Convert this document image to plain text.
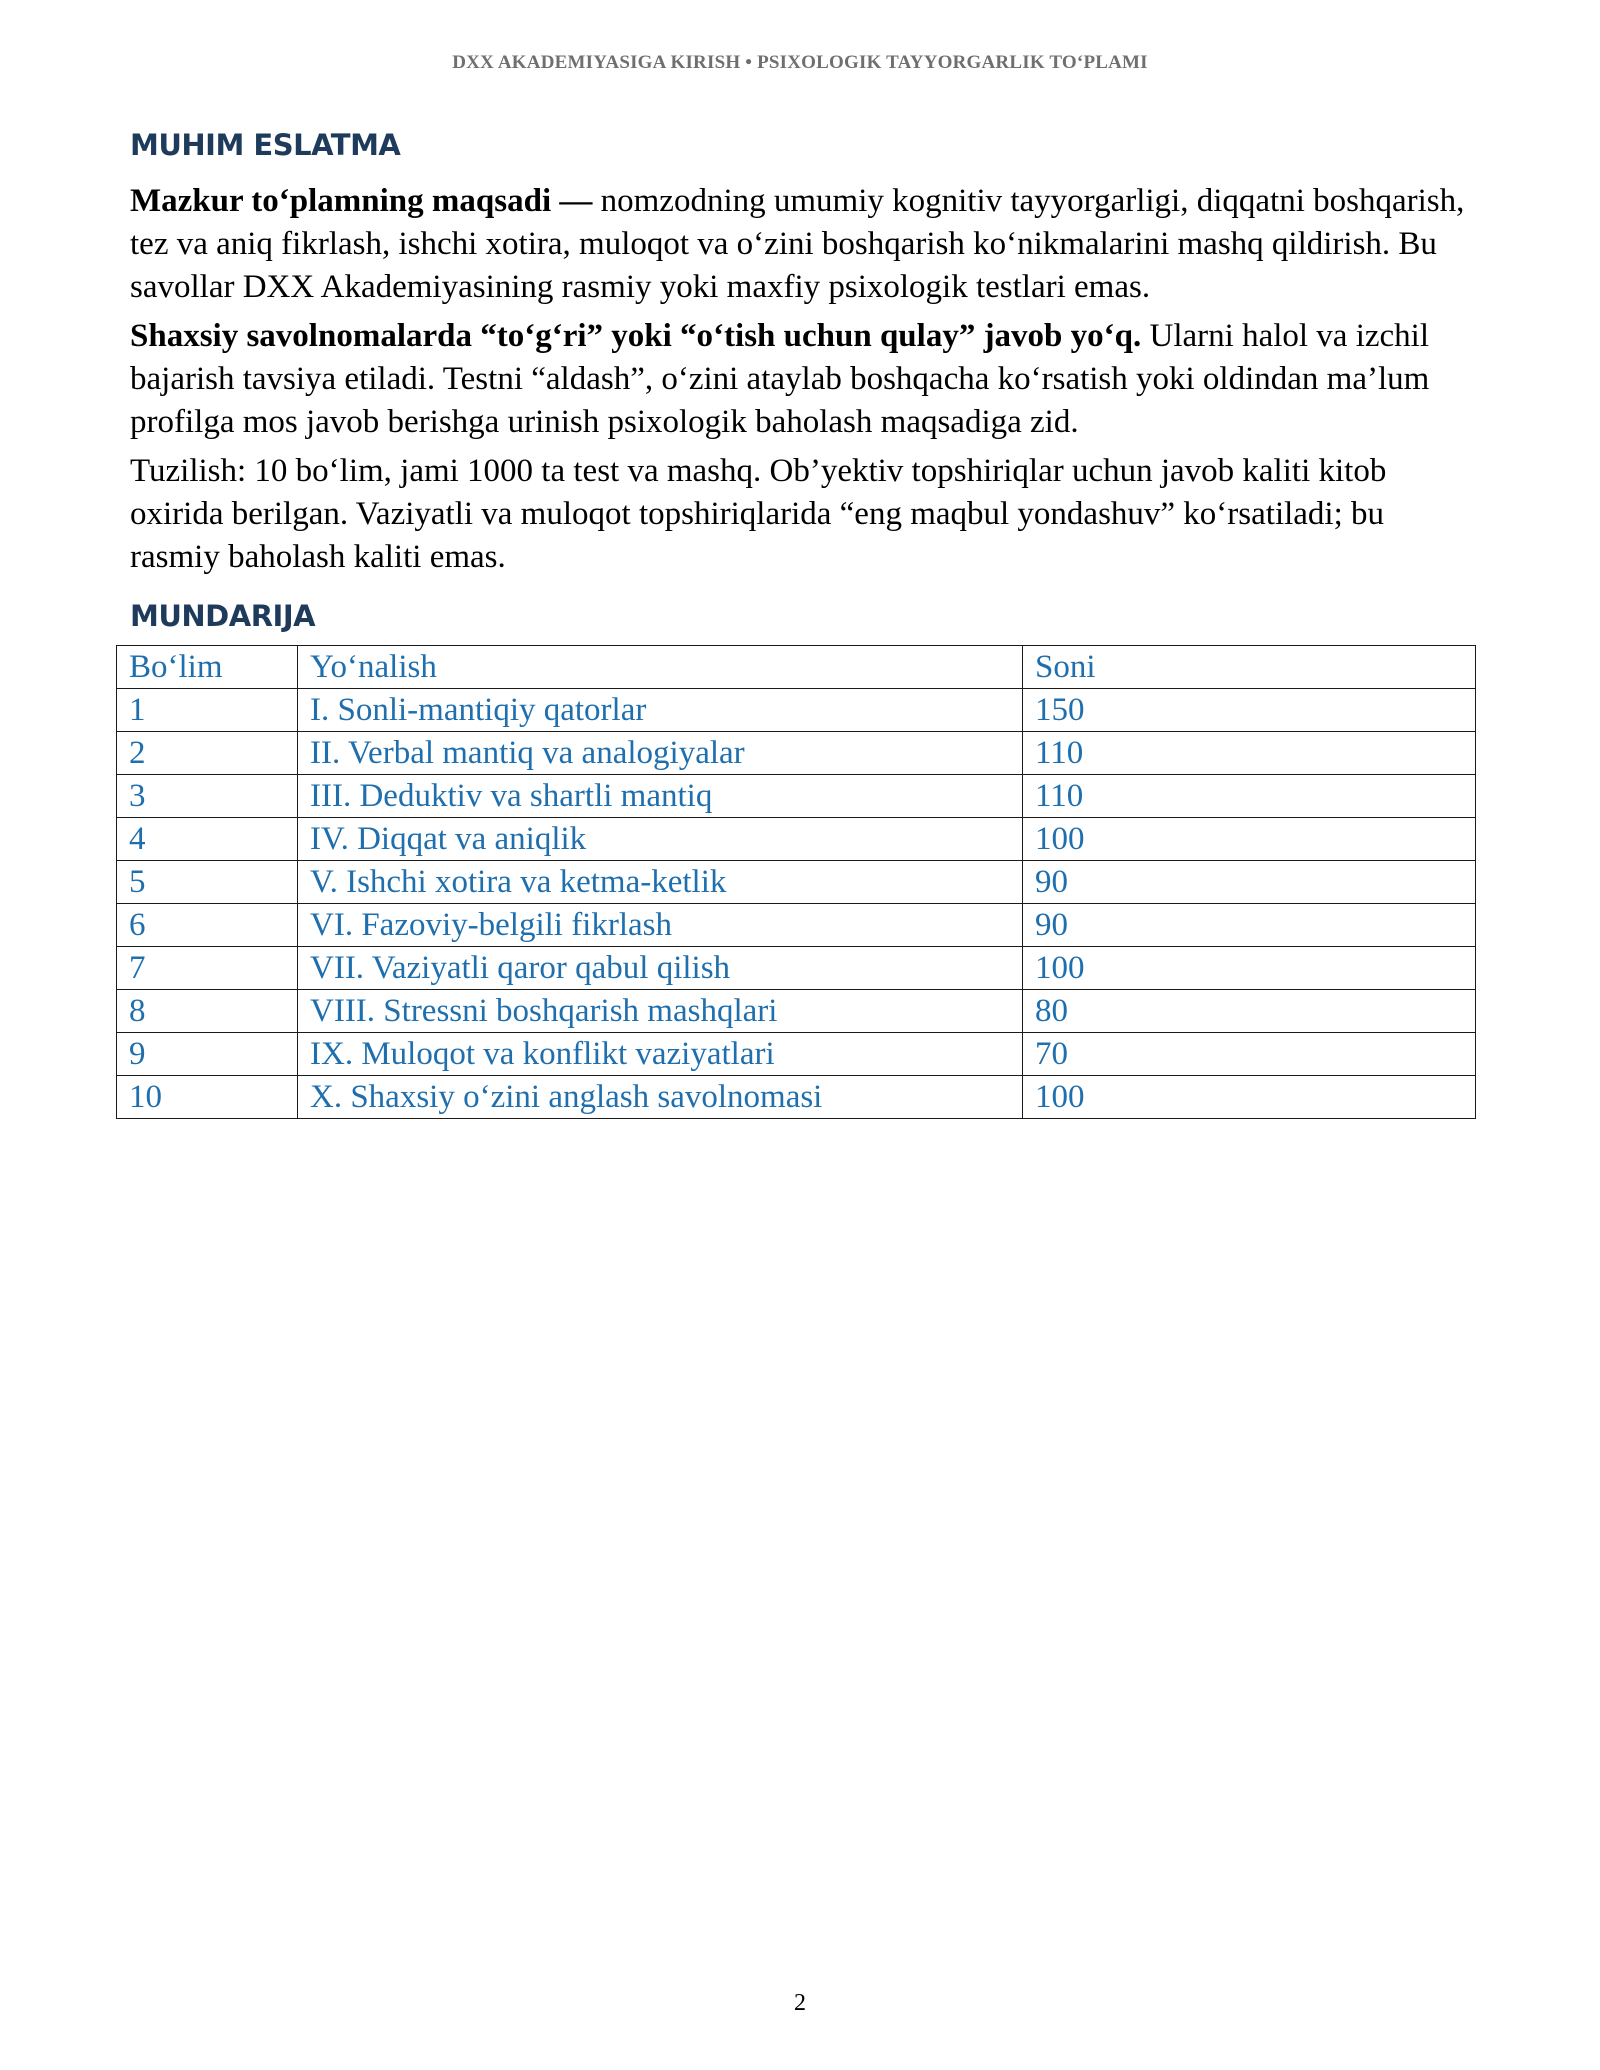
DXX AKADEMIYASIGA KIRISH • PSIXOLOGIK TAYYORGARLIK TO‘PLAMI
MUHIM ESLATMA

Mazkur to‘plamning maqsadi — nomzodning umumiy kognitiv tayyorgarligi, diqqatni boshqarish, tez va aniq fikrlash, ishchi xotira, muloqot va o‘zini boshqarish ko‘nikmalarini mashq qildirish. Bu savollar DXX Akademiyasining rasmiy yoki maxfiy psixologik testlari emas.

Shaxsiy savolnomalarda “to‘g‘ri” yoki “o‘tish uchun qulay” javob yo‘q. Ularni halol va izchil bajarish tavsiya etiladi. Testni “aldash”, o‘zini ataylab boshqacha ko‘rsatish yoki oldindan ma’lum profilga mos javob berishga urinish psixologik baholash maqsadiga zid.

Tuzilish: 10 bo‘lim, jami 1000 ta test va mashq. Ob’yektiv topshiriqlar uchun javob kaliti kitob oxirida berilgan. Vaziyatli va muloqot topshiriqlarida “eng maqbul yondashuv” ko‘rsatiladi; bu rasmiy baholash kaliti emas.

MUNDARIJA
Bo‘lim	Yo‘nalish	Soni
1	I. Sonli-mantiqiy qatorlar	150
2	II. Verbal mantiq va analogiyalar	110
3	III. Deduktiv va shartli mantiq	110
4	IV. Diqqat va aniqlik	100
5	V. Ishchi xotira va ketma-ketlik	90
6	VI. Fazoviy-belgili fikrlash	90
7	VII. Vaziyatli qaror qabul qilish	100
8	VIII. Stressni boshqarish mashqlari	80
9	IX. Muloqot va konflikt vaziyatlari	70
10	X. Shaxsiy o‘zini anglash savolnomasi	100
2
